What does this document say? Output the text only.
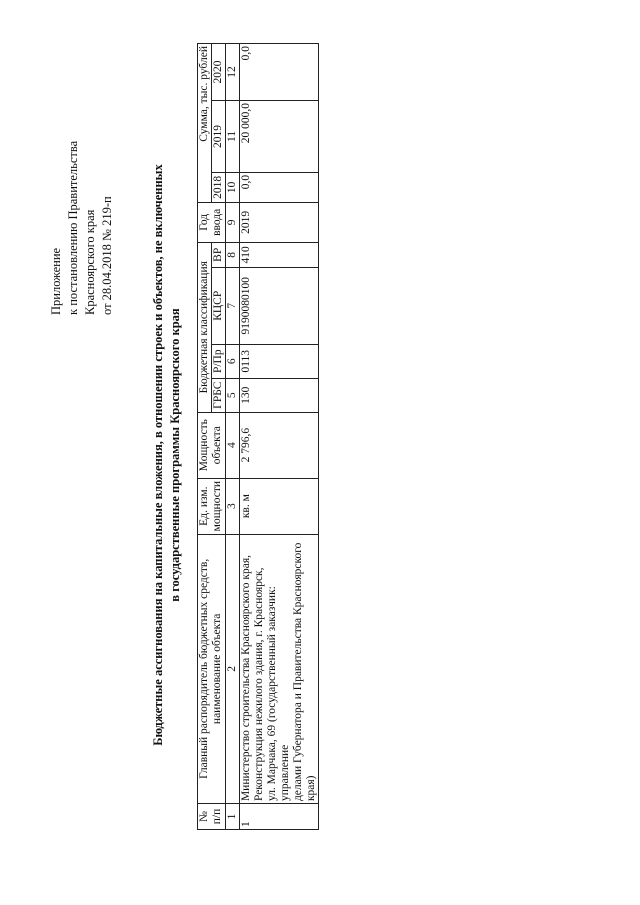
Приложение к постановлению Правительства Красноярского края от 28.04.2018 № 219-п	Бюджетные ассигнования на капитальные вложения, в отношении строек и объектов, не включенных в государственные программы Красноярского края
№ п/п	Главный распорядитель бюджетных средств, наименование объекта	Ед. изм. мощности	Мощность объекта	Бюджетная классификация				Год ввода	Сумма, тыс. рублей		
									2018	2019	2020
				ГРБС	Р/Пр	КЦСР	ВР				
1	2	3	4	5	6	7	8	9	10	11	12
1	Министерство строительства Красноярского края, Реконструкция нежилого здания, г. Красноярск, ул. Марчака, 69 (государственный заказчик: управление делами Губернатора и Правительства Красноярского края)	кв. м	2 796,6	130	0113	9190080100	410	2019	0,0	20 000,0	0,0
